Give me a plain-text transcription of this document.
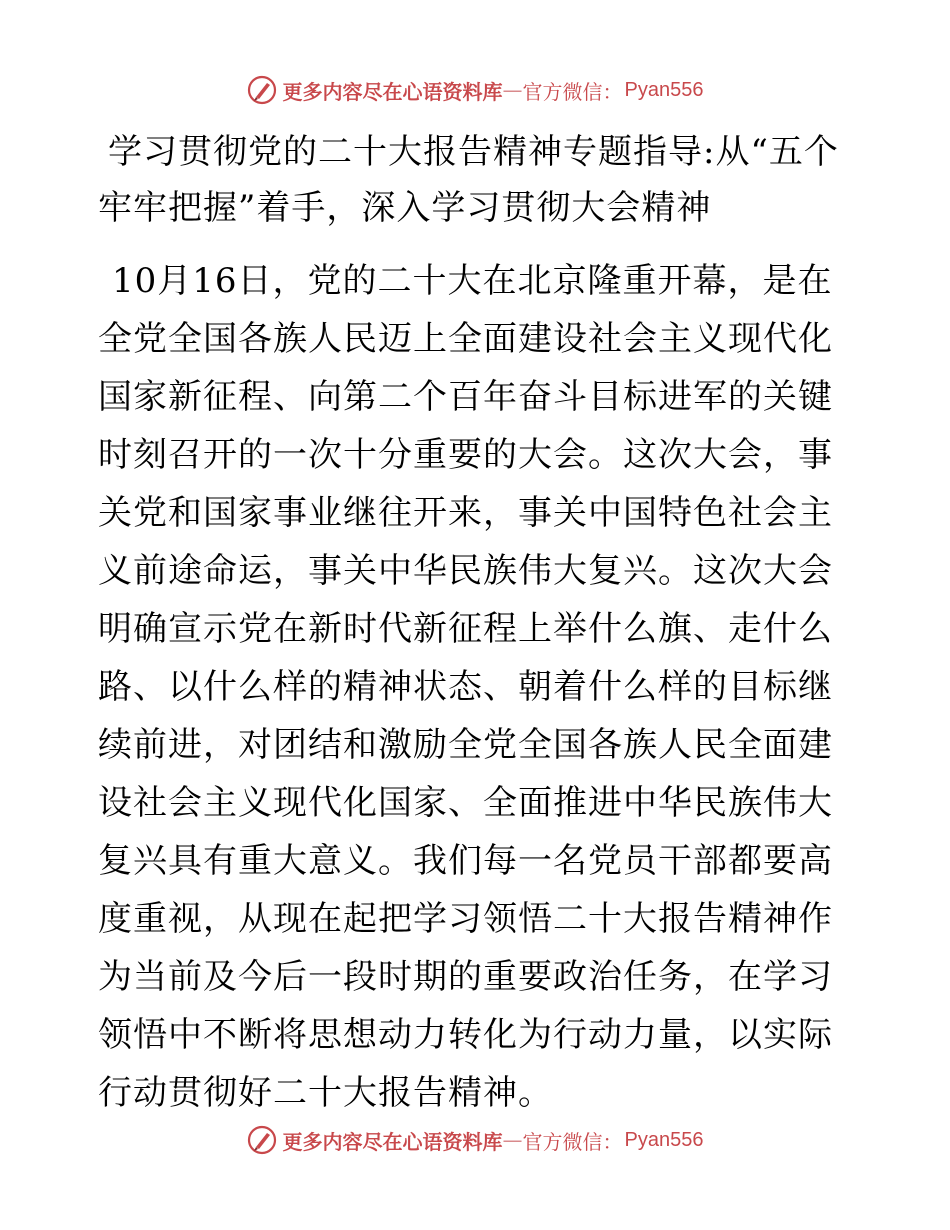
更多内容尽在心语资料库 — 官方微信： Pyan556
学习贯彻党的二十大报告精神专题指导:从“五个牢牢把握”着手，深入学习贯彻大会精神

10月16日，党的二十大在北京隆重开幕，是在全党全国各族人民迈上全面建设社会主义现代化国家新征程、向第二个百年奋斗目标进军的关键时刻召开的一次十分重要的大会。这次大会，事关党和国家事业继往开来，事关中国特色社会主义前途命运，事关中华民族伟大复兴。这次大会明确宣示党在新时代新征程上举什么旗、走什么路、以什么样的精神状态、朝着什么样的目标继续前进，对团结和激励全党全国各族人民全面建设社会主义现代化国家、全面推进中华民族伟大复兴具有重大意义。我们每一名党员干部都要高度重视，从现在起把学习领悟二十大报告精神作为当前及今后一段时期的重要政治任务，在学习领悟中不断将思想动力转化为行动力量，以实际行动贯彻好二十大报告精神。

更多内容尽在心语资料库 — 官方微信： Pyan556
